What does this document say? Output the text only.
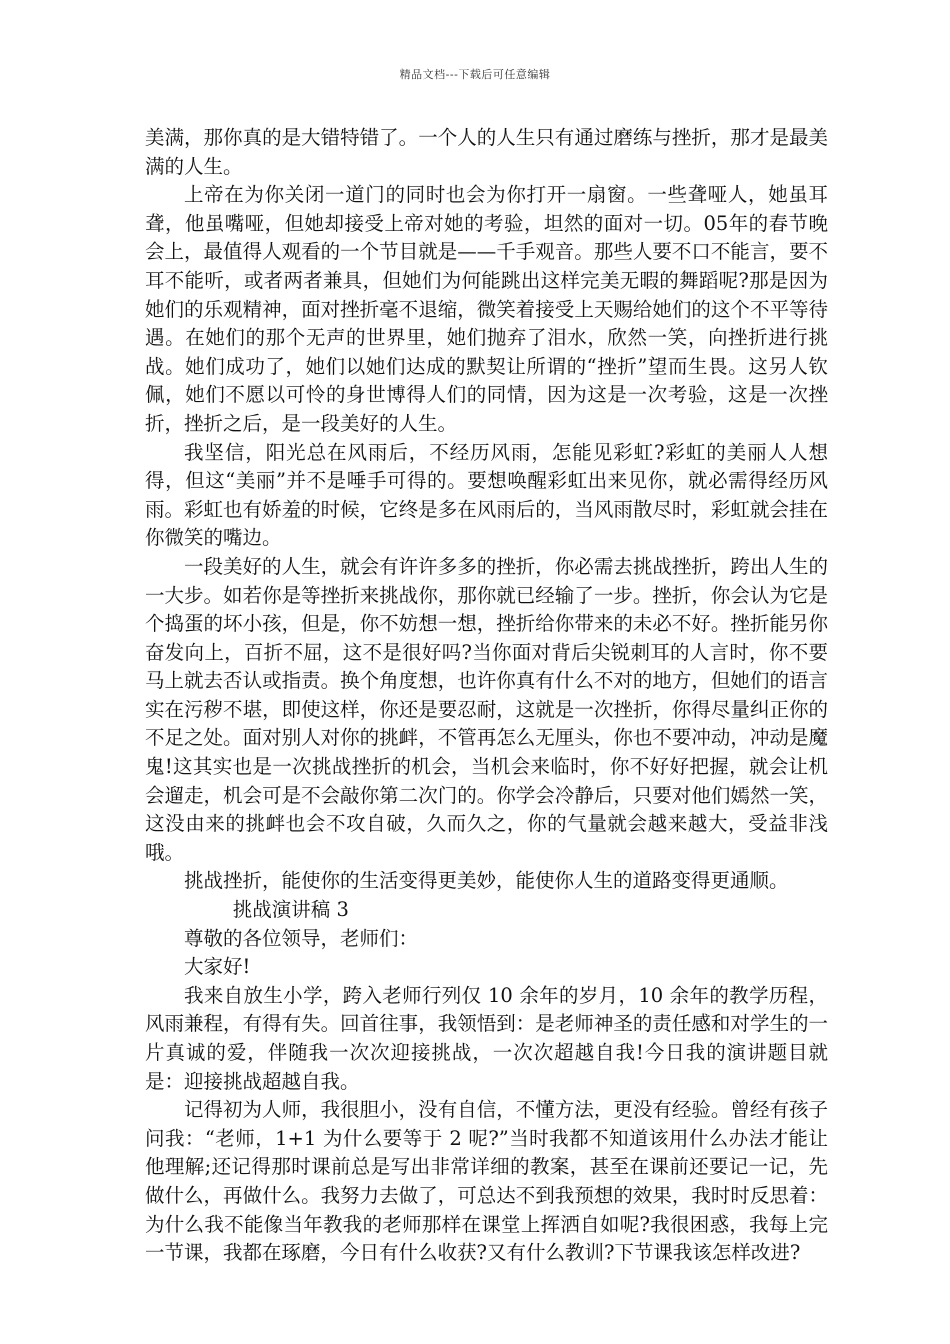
精品文档---下载后可任意编辑

美满，那你真的是大错特错了。一个人的人生只有通过磨练与挫折，那才是最美满的人生。

上帝在为你关闭一道门的同时也会为你打开一扇窗。一些聋哑人，她虽耳聋，他虽嘴哑，但她却接受上帝对她的考验，坦然的面对一切。05年的春节晚会上，最值得人观看的一个节目就是——千手观音。那些人要不口不能言，要不耳不能听，或者两者兼具，但她们为何能跳出这样完美无暇的舞蹈呢?那是因为她们的乐观精神，面对挫折毫不退缩，微笑着接受上天赐给她们的这个不平等待遇。在她们的那个无声的世界里，她们抛弃了泪水，欣然一笑，向挫折进行挑战。她们成功了，她们以她们达成的默契让所谓的“挫折”望而生畏。这另人钦佩，她们不愿以可怜的身世博得人们的同情，因为这是一次考验，这是一次挫折，挫折之后，是一段美好的人生。

我坚信，阳光总在风雨后，不经历风雨，怎能见彩虹?彩虹的美丽人人想得，但这“美丽”并不是唾手可得的。要想唤醒彩虹出来见你，就必需得经历风雨。彩虹也有娇羞的时候，它终是多在风雨后的，当风雨散尽时，彩虹就会挂在你微笑的嘴边。

一段美好的人生，就会有许许多多的挫折，你必需去挑战挫折，跨出人生的一大步。如若你是等挫折来挑战你，那你就已经输了一步。挫折，你会认为它是个捣蛋的坏小孩，但是，你不妨想一想，挫折给你带来的未必不好。挫折能另你奋发向上，百折不屈，这不是很好吗?当你面对背后尖锐刺耳的人言时，你不要马上就去否认或指责。换个角度想，也许你真有什么不对的地方，但她们的语言实在污秽不堪，即使这样，你还是要忍耐，这就是一次挫折，你得尽量纠正你的不足之处。面对别人对你的挑衅，不管再怎么无厘头，你也不要冲动，冲动是魔鬼!这其实也是一次挑战挫折的机会，当机会来临时，你不好好把握，就会让机会遛走，机会可是不会敲你第二次门的。你学会冷静后，只要对他们嫣然一笑，这没由来的挑衅也会不攻自破，久而久之，你的气量就会越来越大，受益非浅哦。

挑战挫折，能使你的生活变得更美妙，能使你人生的道路变得更通顺。

挑战演讲稿 3

尊敬的各位领导，老师们：

大家好!

我来自放生小学，跨入老师行列仅 10 余年的岁月，10 余年的教学历程，风雨兼程，有得有失。回首往事，我领悟到：是老师神圣的责任感和对学生的一片真诚的爱，伴随我一次次迎接挑战，一次次超越自我!今日我的演讲题目就是：迎接挑战超越自我。

记得初为人师，我很胆小，没有自信，不懂方法，更没有经验。曾经有孩子问我：“老师，1+1 为什么要等于 2 呢?”当时我都不知道该用什么办法才能让他理解;还记得那时课前总是写出非常详细的教案，甚至在课前还要记一记，先做什么，再做什么。我努力去做了，可总达不到我预想的效果，我时时反思着：为什么我不能像当年教我的老师那样在课堂上挥洒自如呢?我很困惑，我每上完一节课，我都在琢磨，今日有什么收获?又有什么教训?下节课我该怎样改进?
